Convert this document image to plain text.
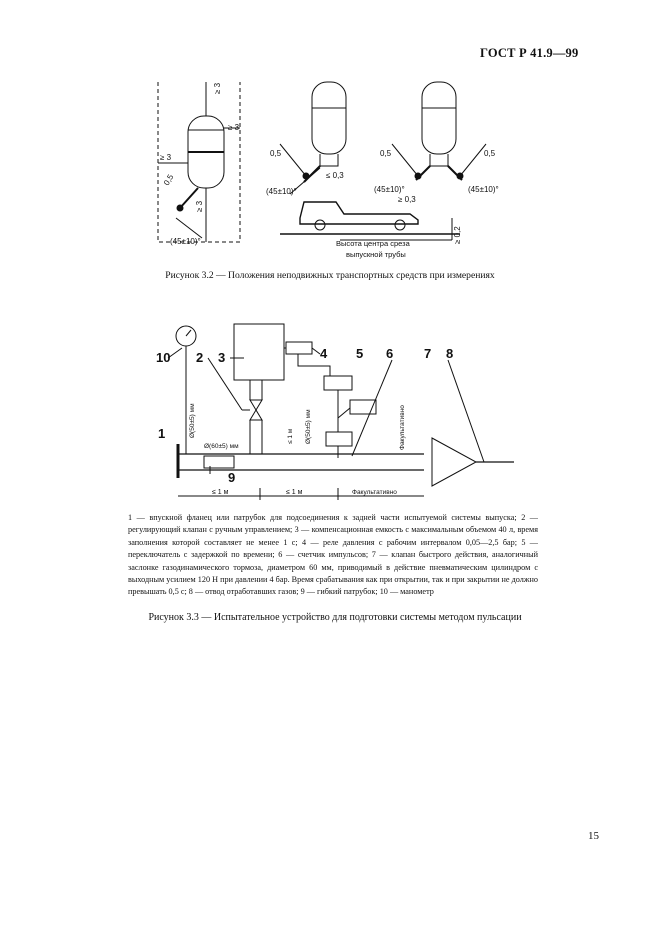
ГОСТ Р 41.9—99
≥ 3
≥ 3
≥ 3
≥ 3
0,5
(45±10)°
0,5
≤ 0,3
(45±10)°
0,5	0,5
≥ 0,3
(45±10)°	(45±10)°
Высота центра среза
выпускной трубы
≥ 0,2
Рисунок 3.2 — Положения неподвижных транспортных средств при измерениях
10 2 3	4 5 6 7 8
1
9
Ø(50±5) мм
Ø(60±5) мм
≤ 1 м Ø(50±5) мм	Факультативно
≤ 1 м	≤ 1 м	Факультативно
1 — впускной фланец или патрубок для подсоединения к задней части испытуемой системы выпуска; 2 — регулирующий клапан с ручным управлением; 3 — компенсационная емкость с максимальным объемом 40 л, время заполнения которой составляет не менее 1 с; 4 — реле давления с рабочим интервалом 0,05—2,5 бар; 5 — переключатель с задержкой по времени; 6 — счетчик импульсов; 7 — клапан быстрого действия, аналогичный заслонке газодинамического тормоза, диаметром 60 мм, приводимый в действие пневматическим цилиндром с выходным усилием 120 Н при давлении 4 бар. Время срабатывания как при открытии, так и при закрытии не должно превышать 0,5 с; 8 — отвод отработавших газов; 9 — гибкий патрубок; 10 — манометр
Рисунок 3.3 — Испытательное устройство для подготовки системы методом пульсации
15
